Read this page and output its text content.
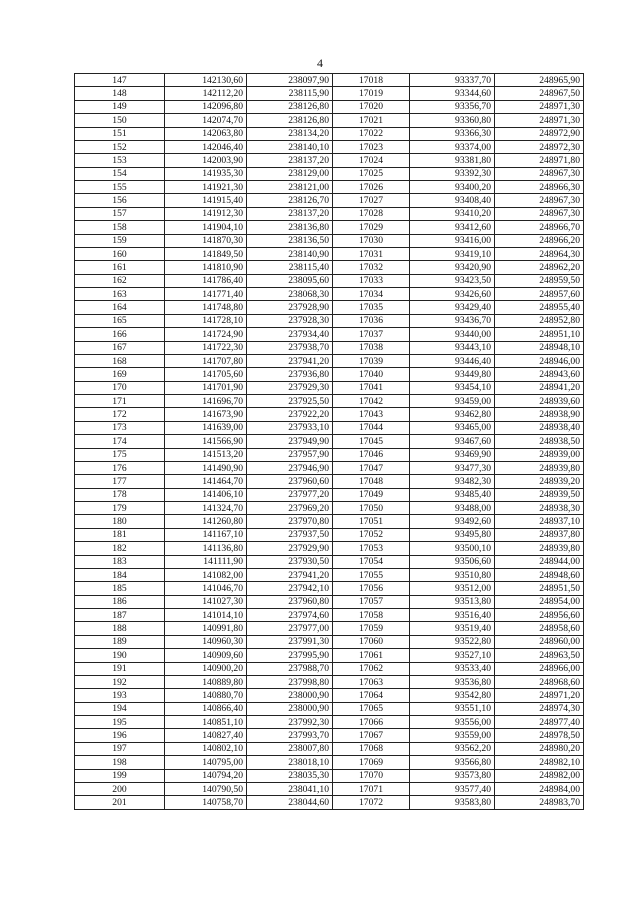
4
147	142130,60	238097,90	17018	93337,70	248965,90
148	142112,20	238115,90	17019	93344,60	248967,50
149	142096,80	238126,80	17020	93356,70	248971,30
150	142074,70	238126,80	17021	93360,80	248971,30
151	142063,80	238134,20	17022	93366,30	248972,90
152	142046,40	238140,10	17023	93374,00	248972,30
153	142003,90	238137,20	17024	93381,80	248971,80
154	141935,30	238129,00	17025	93392,30	248967,30
155	141921,30	238121,00	17026	93400,20	248966,30
156	141915,40	238126,70	17027	93408,40	248967,30
157	141912,30	238137,20	17028	93410,20	248967,30
158	141904,10	238136,80	17029	93412,60	248966,70
159	141870,30	238136,50	17030	93416,00	248966,20
160	141849,50	238140,90	17031	93419,10	248964,30
161	141810,90	238115,40	17032	93420,90	248962,20
162	141786,40	238095,60	17033	93423,50	248959,50
163	141771,40	238068,30	17034	93426,60	248957,60
164	141748,80	237928,90	17035	93429,40	248955,40
165	141728,10	237928,30	17036	93436,70	248952,80
166	141724,90	237934,40	17037	93440,00	248951,10
167	141722,30	237938,70	17038	93443,10	248948,10
168	141707,80	237941,20	17039	93446,40	248946,00
169	141705,60	237936,80	17040	93449,80	248943,60
170	141701,90	237929,30	17041	93454,10	248941,20
171	141696,70	237925,50	17042	93459,00	248939,60
172	141673,90	237922,20	17043	93462,80	248938,90
173	141639,00	237933,10	17044	93465,00	248938,40
174	141566,90	237949,90	17045	93467,60	248938,50
175	141513,20	237957,90	17046	93469,90	248939,00
176	141490,90	237946,90	17047	93477,30	248939,80
177	141464,70	237960,60	17048	93482,30	248939,20
178	141406,10	237977,20	17049	93485,40	248939,50
179	141324,70	237969,20	17050	93488,00	248938,30
180	141260,80	237970,80	17051	93492,60	248937,10
181	141167,10	237937,50	17052	93495,80	248937,80
182	141136,80	237929,90	17053	93500,10	248939,80
183	141111,90	237930,50	17054	93506,60	248944,00
184	141082,00	237941,20	17055	93510,80	248948,60
185	141046,70	237942,10	17056	93512,00	248951,50
186	141027,30	237960,80	17057	93513,80	248954,00
187	141014,10	237974,60	17058	93516,40	248956,60
188	140991,80	237977,00	17059	93519,40	248958,60
189	140960,30	237991,30	17060	93522,80	248960,00
190	140909,60	237995,90	17061	93527,10	248963,50
191	140900,20	237988,70	17062	93533,40	248966,00
192	140889,80	237998,80	17063	93536,80	248968,60
193	140880,70	238000,90	17064	93542,80	248971,20
194	140866,40	238000,90	17065	93551,10	248974,30
195	140851,10	237992,30	17066	93556,00	248977,40
196	140827,40	237993,70	17067	93559,00	248978,50
197	140802,10	238007,80	17068	93562,20	248980,20
198	140795,00	238018,10	17069	93566,80	248982,10
199	140794,20	238035,30	17070	93573,80	248982,00
200	140790,50	238041,10	17071	93577,40	248984,00
201	140758,70	238044,60	17072	93583,80	248983,70
